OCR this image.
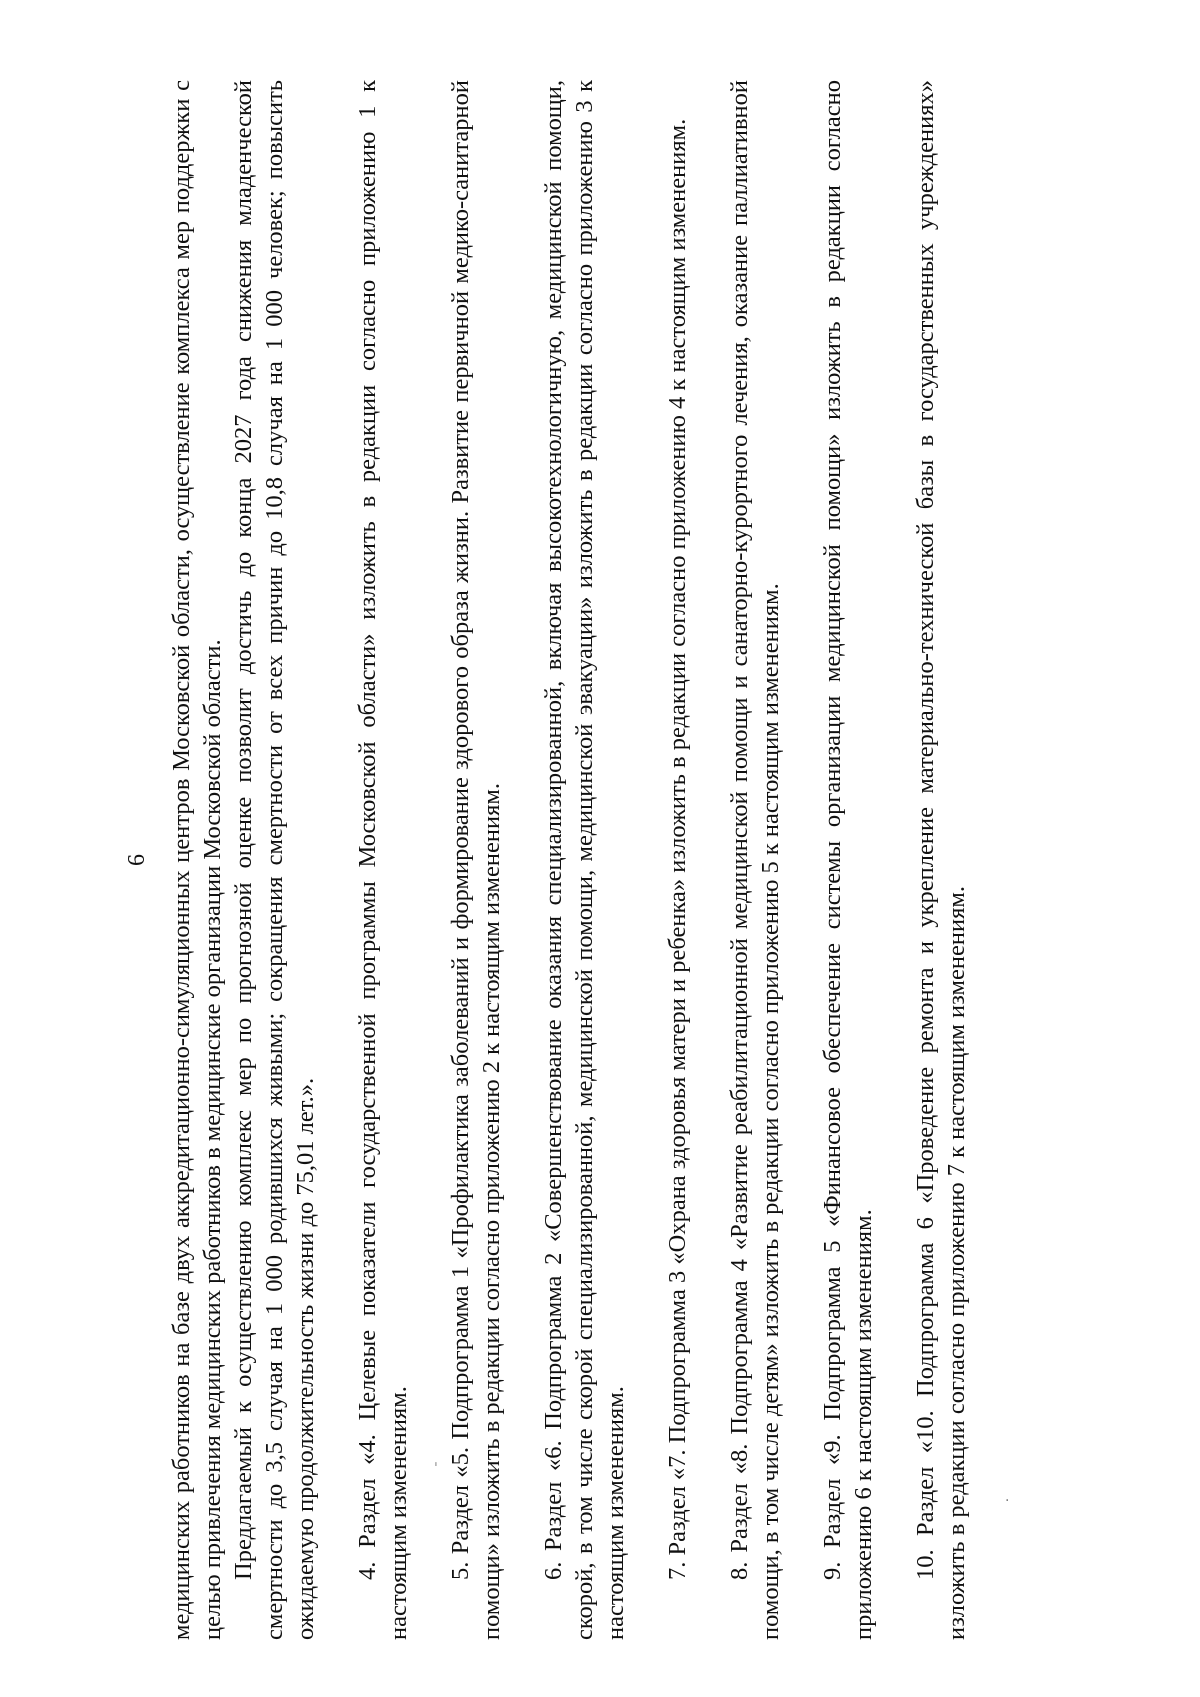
6 медицинских работников на базе двух аккредитационно-симуляционных центров Московской области, осуществление комплекса мер поддержки с целью привлечения медицинских работников в медицинские организации Московской области. Предлагаемый к осуществлению комплекс мер по прогнозной оценке позволит достичь до конца 2027 года снижения младенческой смертности до 3,5 случая на 1 000 родившихся живыми; сокращения смертности от всех причин до 10,8 случая на 1 000 человек; повысить ожидаемую продолжительность жизни до 75,01 лет.». 4. Раздел «4. Целевые показатели государственной программы Московской области» изложить в редакции согласно приложению 1 к настоящим изменениям. 5. Раздел «5. Подпрограмма 1 «Профилактика заболеваний и формирование здорового образа жизни. Развитие первичной медико-санитарной помощи» изложить в редакции согласно приложению 2 к настоящим изменениям. 6. Раздел «6. Подпрограмма 2 «Совершенствование оказания специализированной, включая высокотехнологичную, медицинской помощи, скорой, в том числе скорой специализированной, медицинской помощи, медицинской эвакуации» изложить в редакции согласно приложению 3 к настоящим изменениям. 7. Раздел «7. Подпрограмма 3 «Охрана здоровья матери и ребенка» изложить в редакции согласно приложению 4 к настоящим изменениям. 8. Раздел «8. Подпрограмма 4 «Развитие реабилитационной медицинской помощи и санаторно-курортного лечения, оказание паллиативной помощи, в том числе детям» изложить в редакции согласно приложению 5 к настоящим изменениям. 9. Раздел «9. Подпрограмма 5 «Финансовое обеспечение системы организации медицинской помощи» изложить в редакции согласно приложению 6 к настоящим изменениям. 10. Раздел «10. Подпрограмма 6 «Проведение ремонта и укрепление материально-технической базы в государственных учреждениях» изложить в редакции согласно приложению 7 к настоящим изменениям.

ˌ
·
